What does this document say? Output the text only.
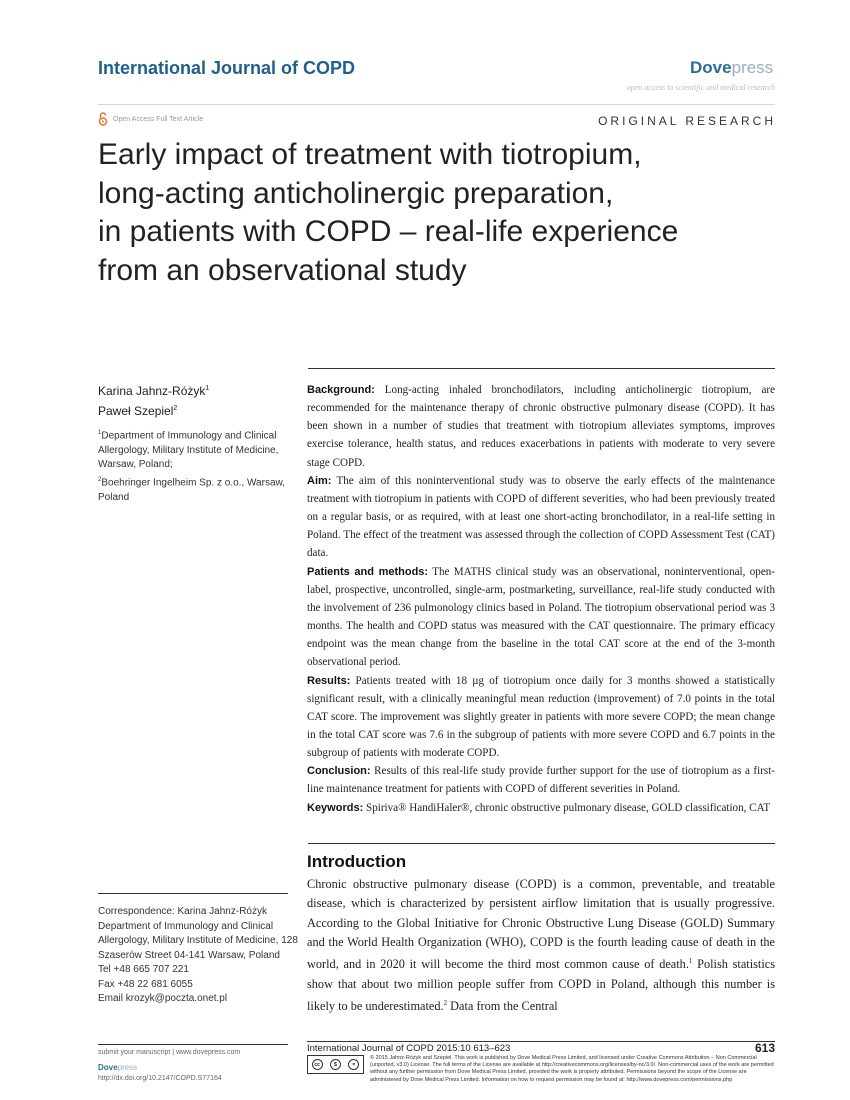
International Journal of COPD	Dovepress
open access to scientific and medical research
Open Access Full Text Article	ORIGINAL RESEARCH
Early impact of treatment with tiotropium,
long-acting anticholinergic preparation,
in patients with COPD – real-life experience
from an observational study
Karina Jahnz-Różyk$^1$
Paweł Szepiel$^2$
$^1$Department of Immunology and Clinical Allergology, Military Institute of Medicine, Warsaw, Poland;
$^2$Boehringer Ingelheim Sp. z o.o., Warsaw, Poland
Correspondence: Karina Jahnz-Różyk
Department of Immunology and Clinical Allergology, Military Institute of Medicine, 128 Szaserów Street 04-141 Warsaw, Poland
Tel +48 665 707 221
Fax +48 22 681 6055
Email krozyk@poczta.onet.pl

Background: Long-acting inhaled bronchodilators, including anticholinergic tiotropium, are recommended for the maintenance therapy of chronic obstructive pulmonary disease (COPD). It has been shown in a number of studies that treatment with tiotropium alleviates symptoms, improves exercise tolerance, health status, and reduces exacerbations in patients with moderate to very severe stage COPD.

Aim: The aim of this noninterventional study was to observe the early effects of the maintenance treatment with tiotropium in patients with COPD of different severities, who had been previously treated on a regular basis, or as required, with at least one short-acting bronchodilator, in a real-life setting in Poland. The effect of the treatment was assessed through the collection of COPD Assessment Test (CAT) data.

Patients and methods: The MATHS clinical study was an observational, noninterventional, open-label, prospective, uncontrolled, single-arm, postmarketing, surveillance, real-life study conducted with the involvement of 236 pulmonology clinics based in Poland. The tiotropium observational period was 3 months. The health and COPD status was measured with the CAT questionnaire. The primary efficacy endpoint was the mean change from the baseline in the total CAT score at the end of the 3-month observational period.

Results: Patients treated with 18 µg of tiotropium once daily for 3 months showed a statistically significant result, with a clinically meaningful mean reduction (improvement) of 7.0 points in the total CAT score. The improvement was slightly greater in patients with more severe COPD; the mean change in the total CAT score was 7.6 in the subgroup of patients with more severe COPD and 6.7 points in the subgroup of patients with moderate COPD.

Conclusion: Results of this real-life study provide further support for the use of tiotropium as a first-line maintenance treatment for patients with COPD of different severities in Poland.

Keywords: Spiriva® HandiHaler®, chronic obstructive pulmonary disease, GOLD classification, CAT

Introduction
Chronic obstructive pulmonary disease (COPD) is a common, preventable, and treatable disease, which is characterized by persistent airflow limitation that is usually progressive. According to the Global Initiative for Chronic Obstructive Lung Disease (GOLD) Summary and the World Health Organization (WHO), COPD is the fourth leading cause of death in the world, and in 2020 it will become the third most common cause of death.$^1$ Polish statistics show that about two million people suffer from COPD in Poland, although this number is likely to be underestimated.$^2$ Data from the Central
submit your manuscript | www.dovepress.com
Dovepress
http://dx.doi.org/10.2147/COPD.S77164
International Journal of COPD 2015:10 613–623	613
cc	$	=
© 2015 Jahnz-Różyk and Szepiel. This work is published by Dove Medical Press Limited, and licensed under Creative Commons Attribution – Non Commercial (unported, v3.0) License. The full terms of the License are available at http://creativecommons.org/licenses/by-nc/3.0/. Non-commercial uses of the work are permitted without any further permission from Dove Medical Press Limited, provided the work is properly attributed. Permissions beyond the scope of the License are administered by Dove Medical Press Limited. Information on how to request permission may be found at: http://www.dovepress.com/permissions.php
